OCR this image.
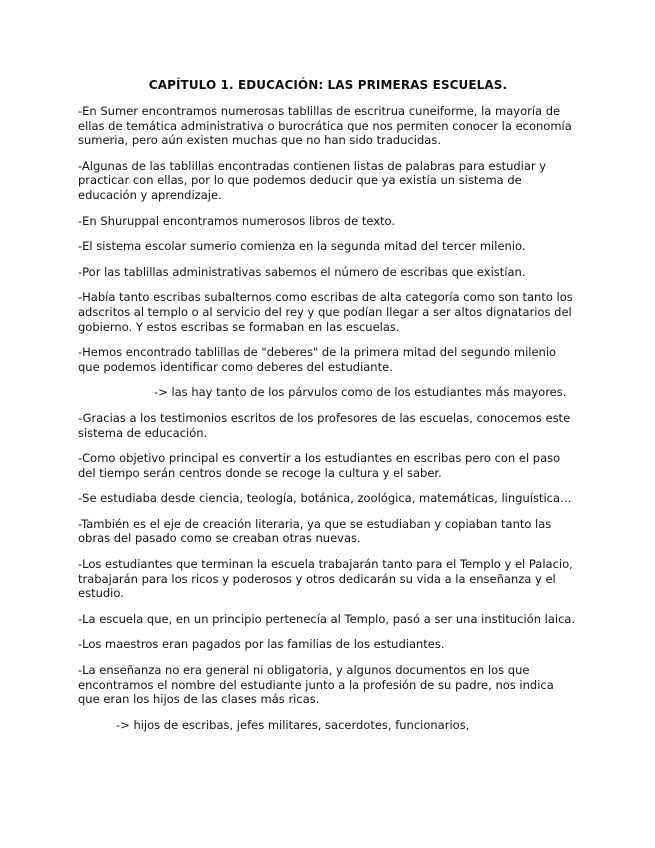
CAPÍTULO 1. EDUCACIÓN: LAS PRIMERAS ESCUELAS.

-En Sumer encontramos numerosas tablillas de escritrua cuneiforme, la mayoría de ellas de temática administrativa o burocrática que nos permiten conocer la economía sumeria, pero aún existen muchas que no han sido traducidas.

-Algunas de las tablillas encontradas contienen listas de palabras para estudiar y practicar con ellas, por lo que podemos deducir que ya existía un sistema de educación y aprendizaje.

-En Shuruppal encontramos numerosos libros de texto.

-El sistema escolar sumerio comienza en la segunda mitad del tercer milenio.

-Por las tablillas administrativas sabemos el número de escribas que existían.

-Había tanto escribas subalternos como escribas de alta categoría como son tanto los adscritos al templo o al servicio del rey y que podían llegar a ser altos dignatarios del gobierno. Y estos escribas se formaban en las escuelas.

-Hemos encontrado tablillas de "deberes" de la primera mitad del segundo milenio que podemos identificar como deberes del estudiante.

-> las hay tanto de los párvulos como de los estudiantes más mayores.

-Gracias a los testimonios escritos de los profesores de las escuelas, conocemos este sistema de educación.

-Como objetivo principal es convertir a los estudiantes en escribas pero con el paso del tiempo serán centros donde se recoge la cultura y el saber.

-Se estudiaba desde ciencia, teología, botánica, zoológica, matemáticas, linguística…

-También es el eje de creación literaria, ya que se estudiaban y copiaban tanto las obras del pasado como se creaban otras nuevas.

-Los estudiantes que terminan la escuela trabajarán tanto para el Templo y el Palacio, trabajarán para los ricos y poderosos y otros dedicarán su vida a la enseñanza y el estudio.

-La escuela que, en un principio pertenecía al Templo, pasó a ser una institución laica.

-Los maestros eran pagados por las familias de los estudiantes.

-La enseñanza no era general ni obligatoria, y algunos documentos en los que encontramos el nombre del estudiante junto a la profesión de su padre, nos indica que eran los hijos de las clases más ricas.

-> hijos de escribas, jefes militares, sacerdotes, funcionarios,
